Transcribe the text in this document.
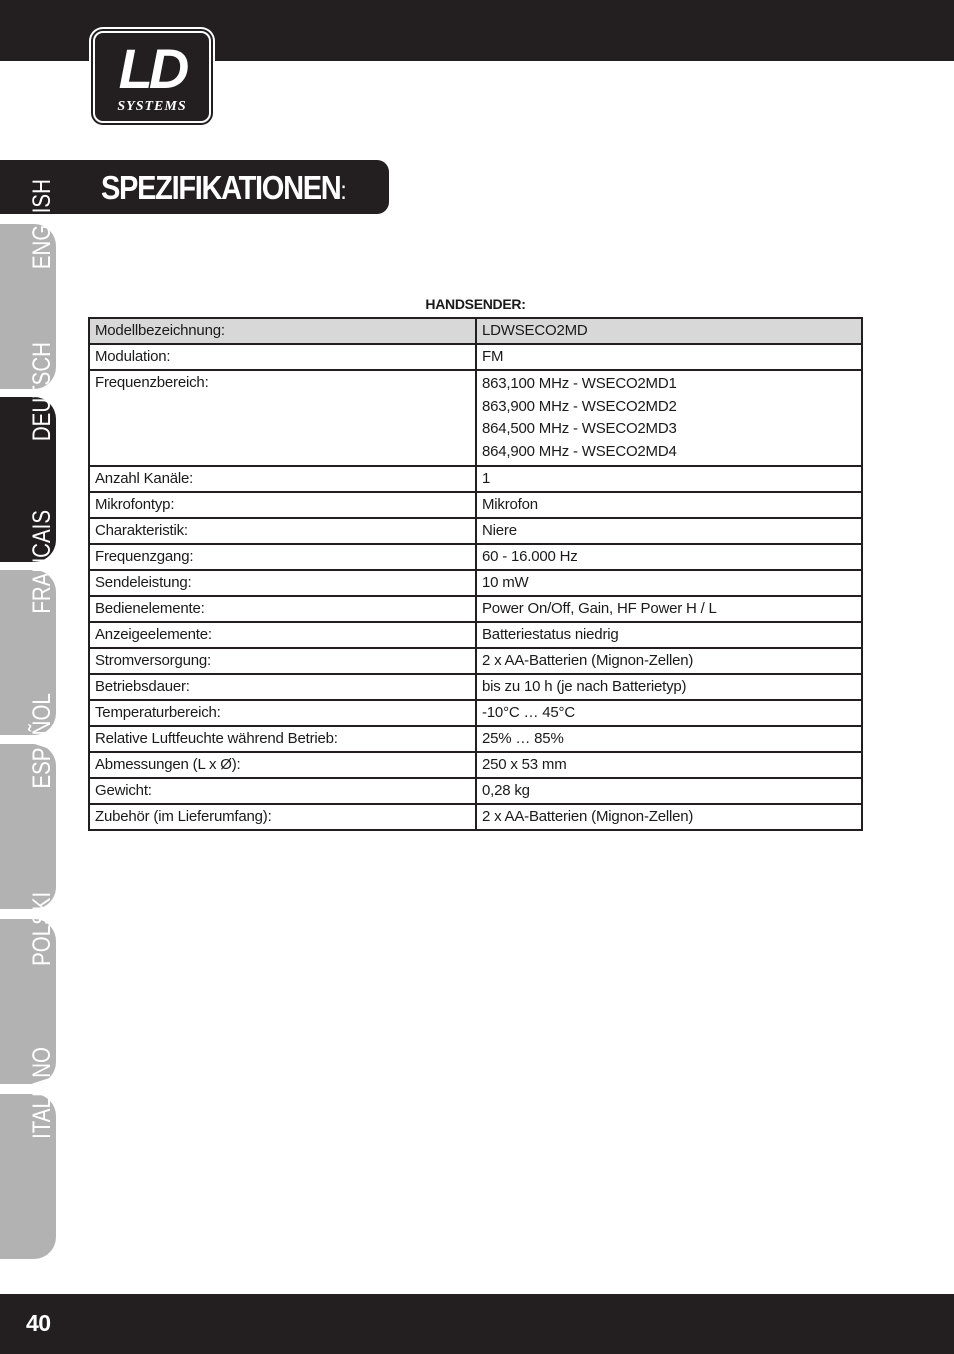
LD
SYSTEMS
SPEZIFIKATIONEN:
ENGLISH
DEUTSCH
FRANCAIS
ESPAÑOL
POLSKI
ITALIANO
HANDSENDER:
Modellbezeichnung:	LDWSECO2MD

Modulation:	FM

Frequenzbereich:	863,100 MHz - WSECO2MD1
863,900 MHz - WSECO2MD2
864,500 MHz - WSECO2MD3
864,900 MHz - WSECO2MD4

Anzahl Kanäle:	1

Mikrofontyp:	Mikrofon

Charakteristik:	Niere

Frequenzgang:	60 - 16.000 Hz

Sendeleistung:	10 mW

Bedienelemente:	Power On/Off, Gain, HF Power H / L

Anzeigeelemente:	Batteriestatus niedrig

Stromversorgung:	2 x AA-Batterien (Mignon-Zellen)

Betriebsdauer:	bis zu 10 h (je nach Batterietyp)

Temperaturbereich:	-10°C … 45°C

Relative Luftfeuchte während Betrieb:	25% … 85%

Abmessungen (L x Ø):	250 x 53 mm

Gewicht:	0,28 kg

Zubehör (im Lieferumfang):	2 x AA-Batterien (Mignon-Zellen)
40
